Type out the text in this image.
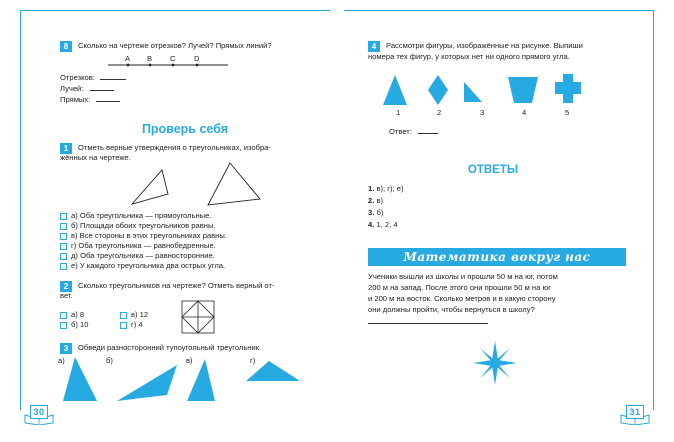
8	Сколько на чертеже отрезков? Лучей? Прямых линий?
A B C D
Отрезков:
Лучей:
Прямых:
Проверь себя
1	Отметь верные утверждения о треугольниках, изобра-
жённых на чертеже.
а) Оба треугольника — прямоугольные.
б) Площади обоих треугольников равны.
в) Все стороны в этих треугольниках равны.
г) Оба треугольника — равнобедренные.
д) Оба треугольника — равносторонние.
е) У каждого треугольника два острых угла.
2	Сколько треугольников на чертеже? Отметь верный от-
вет.
а) 8
б) 10
в) 12
г) 4
3	Обведи разносторонний тупоугольный треугольник.
а)	б)	в)	г)
30
4	Рассмотри фигуры, изображённые на рисунке. Выпиши
номера тех фигур, у которых нет ни одного прямого угла.
1	2	3	4	5
Ответ:
ОТВЕТЫ
1. в); г); е)
2. в)
3. б)
4. 1, 2, 4
Математика вокруг нас
Ученики вышли из школы и прошли 50 м на юг, потом
200 м на запад. После этого они прошли 50 м на юг
и 200 м на восток. Сколько метров и в какую сторону
они должны пройти, чтобы вернуться в школу?
31
